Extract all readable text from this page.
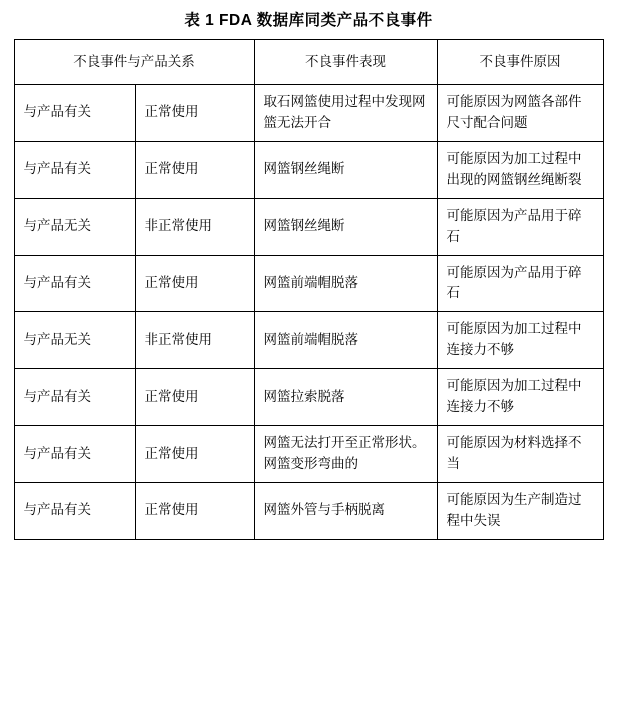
表 1 FDA 数据库同类产品不良事件
不良事件与产品关系		不良事件表现	不良事件原因
与产品有关	正常使用	取石网篮使用过程中发现网篮无法开合	可能原因为网篮各部件尺寸配合问题
与产品有关	正常使用	网篮钢丝绳断	可能原因为加工过程中出现的网篮钢丝绳断裂
与产品无关	非正常使用	网篮钢丝绳断	可能原因为产品用于碎石
与产品有关	正常使用	网篮前端帽脱落	可能原因为产品用于碎石
与产品无关	非正常使用	网篮前端帽脱落	可能原因为加工过程中连接力不够
与产品有关	正常使用	网篮拉索脱落	可能原因为加工过程中连接力不够
与产品有关	正常使用	网篮无法打开至正常形状。网篮变形弯曲的	可能原因为材料选择不当
与产品有关	正常使用	网篮外管与手柄脱离	可能原因为生产制造过程中失误
